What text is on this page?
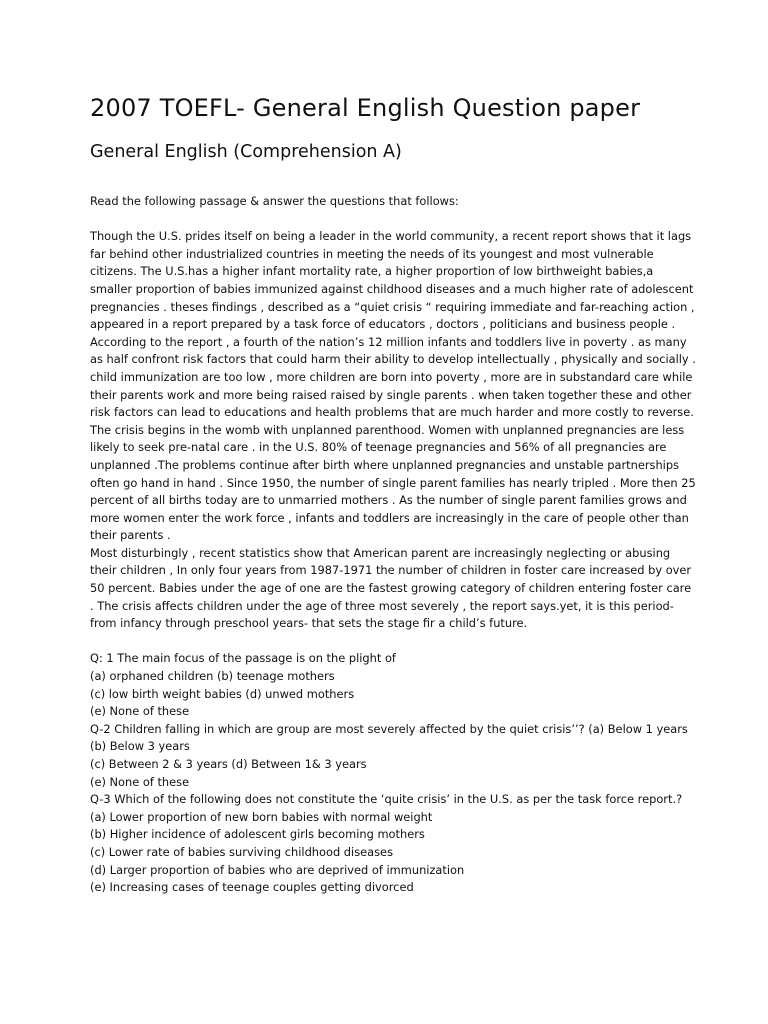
2007 TOEFL- General English Question paper
General English (Comprehension A)

Read the following passage & answer the questions that follows:

Though the U.S. prides itself on being a leader in the world community, a recent report shows that it lags far behind other industrialized countries in meeting the needs of its youngest and most vulnerable citizens. The U.S.has a higher infant mortality rate, a higher proportion of low birthweight babies,a smaller proportion of babies immunized against childhood diseases and a much higher rate of adolescent pregnancies . theses findings , described as a “quiet crisis “ requiring immediate and far-reaching action , appeared in a report prepared by a task force of educators , doctors , politicians and business people . According to the report , a fourth of the nation’s 12 million infants and toddlers live in poverty . as many as half confront risk factors that could harm their ability to develop intellectually , physically and socially . child immunization are too low , more children are born into poverty , more are in substandard care while their parents work and more being raised raised by single parents . when taken together these and other risk factors can lead to educations and health problems that are much harder and more costly to reverse. The crisis begins in the womb with unplanned parenthood. Women with unplanned pregnancies are less likely to seek pre-natal care . in the U.S. 80% of teenage pregnancies and 56% of all pregnancies are unplanned .The problems continue after birth where unplanned pregnancies and unstable partnerships often go hand in hand . Since 1950, the number of single parent families has nearly tripled . More then 25 percent of all births today are to unmarried mothers . As the number of single parent families grows and more women enter the work force , infants and toddlers are increasingly in the care of people other than their parents .

Most disturbingly , recent statistics show that American parent are increasingly neglecting or abusing their children , In only four years from 1987-1971 the number of children in foster care increased by over 50 percent. Babies under the age of one are the fastest growing category of children entering foster care . The crisis affects children under the age of three most severely , the report says.yet, it is this period- from infancy through preschool years- that sets the stage fir a child’s future.

Q: 1 The main focus of the passage is on the plight of

(a) orphaned children (b) teenage mothers

(c) low birth weight babies (d) unwed mothers

(e) None of these

Q-2 Children falling in which are group are most severely affected by the quiet crisis’’? (a) Below 1 years

(b) Below 3 years

(c) Between 2 & 3 years (d) Between 1& 3 years

(e) None of these

Q-3 Which of the following does not constitute the ‘quite crisis’ in the U.S. as per the task force report.?

(a) Lower proportion of new born babies with normal weight

(b) Higher incidence of adolescent girls becoming mothers

(c) Lower rate of babies surviving childhood diseases

(d) Larger proportion of babies who are deprived of immunization

(e) Increasing cases of teenage couples getting divorced
